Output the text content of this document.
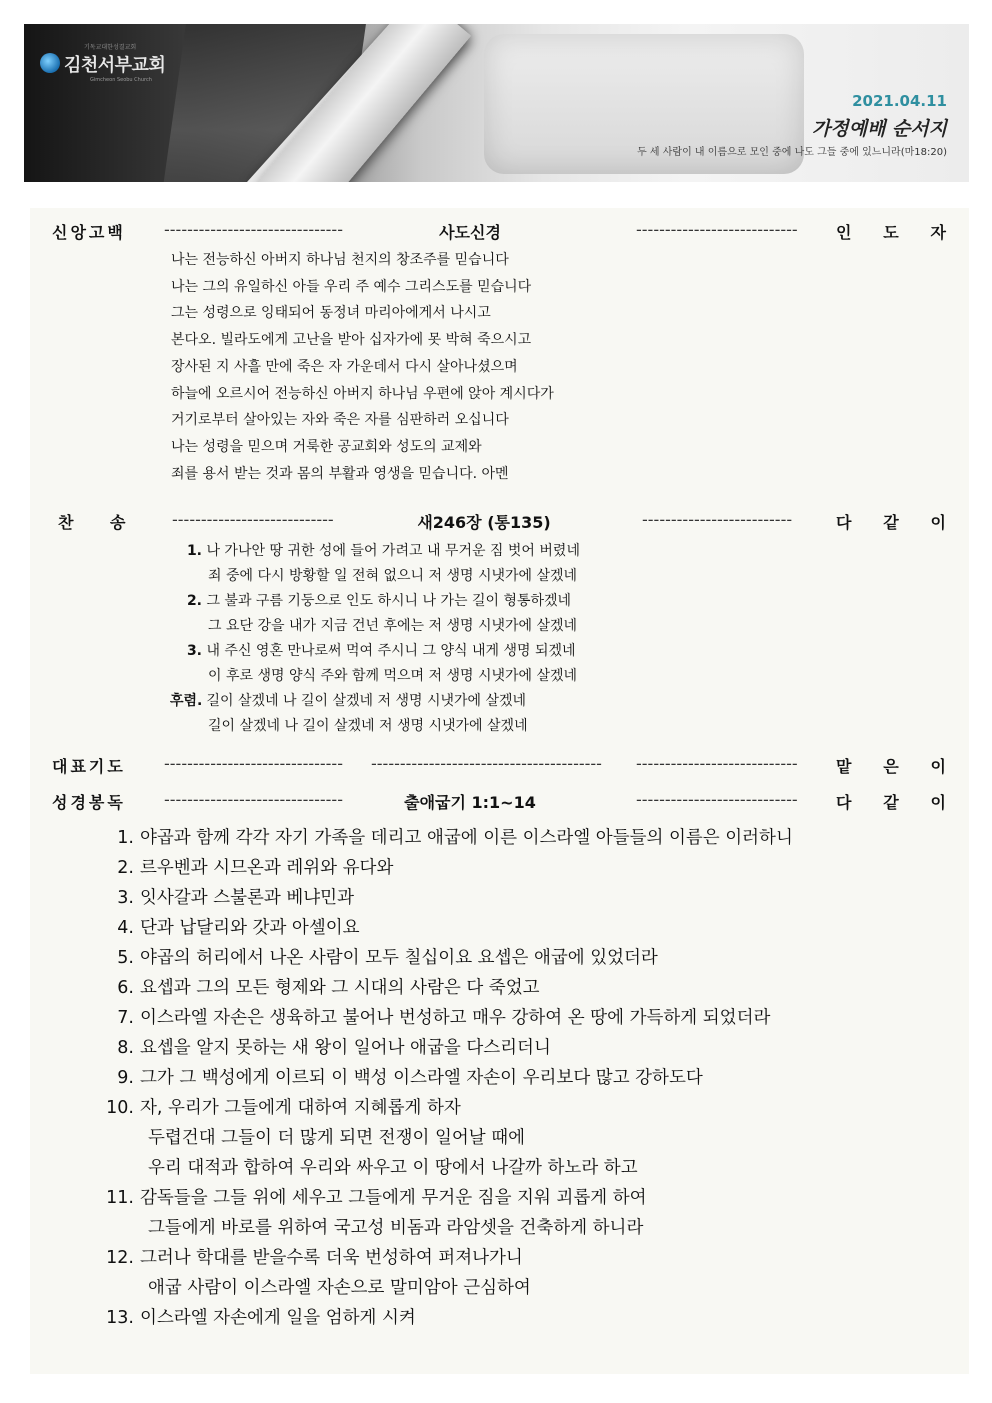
기독교대한성결교회
김천서부교회
Gimcheon Seobu Church
2021.04.11
가정예배 순서지
두 세 사람이 내 이름으로 모인 중에 나도 그들 중에 있느니라(마18:20)
신앙고백 -------------------------------	사도신경	---------------------------- 인 도 자
나는 전능하신 아버지 하나님 천지의 창조주를 믿습니다
나는 그의 유일하신 아들 우리 주 예수 그리스도를 믿습니다
그는 성령으로 잉태되어 동정녀 마리아에게서 나시고
본다오. 빌라도에게 고난을 받아 십자가에 못 박혀 죽으시고
장사된 지 사흘 만에 죽은 자 가운데서 다시 살아나셨으며
하늘에 오르시어 전능하신 아버지 하나님 우편에 앉아 계시다가
거기로부터 살아있는 자와 죽은 자를 심판하러 오십니다
나는 성령을 믿으며 거룩한 공교회와 성도의 교제와
죄를 용서 받는 것과 몸의 부활과 영생을 믿습니다. 아멘
찬 송	----------------------------	새246장 (통135)	--------------------------	다 같 이
1. 나 가나안 땅 귀한 성에 들어 가려고 내 무거운 짐 벗어 버렸네
죄 중에 다시 방황할 일 전혀 없으니 저 생명 시냇가에 살겠네
2. 그 불과 구름 기둥으로 인도 하시니 나 가는 길이 형통하겠네
그 요단 강을 내가 지금 건넌 후에는 저 생명 시냇가에 살겠네
3. 내 주신 영혼 만나로써 먹여 주시니 그 양식 내게 생명 되겠네
이 후로 생명 양식 주와 함께 먹으며 저 생명 시냇가에 살겠네
후렴. 길이 살겠네 나 길이 살겠네 저 생명 시냇가에 살겠네
길이 살겠네 나 길이 살겠네 저 생명 시냇가에 살겠네
대표기도 ------------------------------- ---------------------------------------- ---------------------------- 맡 은 이
성경봉독 -------------------------------	출애굽기 1:1~14	---------------------------- 다 같 이
1. 야곱과 함께 각각 자기 가족을 데리고 애굽에 이른 이스라엘 아들들의 이름은 이러하니
2. 르우벤과 시므온과 레위와 유다와
3. 잇사갈과 스불론과 베냐민과
4. 단과 납달리와 갓과 아셀이요
5. 야곱의 허리에서 나온 사람이 모두 칠십이요 요셉은 애굽에 있었더라
6. 요셉과 그의 모든 형제와 그 시대의 사람은 다 죽었고
7. 이스라엘 자손은 생육하고 불어나 번성하고 매우 강하여 온 땅에 가득하게 되었더라
8. 요셉을 알지 못하는 새 왕이 일어나 애굽을 다스리더니
9. 그가 그 백성에게 이르되 이 백성 이스라엘 자손이 우리보다 많고 강하도다
10. 자, 우리가 그들에게 대하여 지혜롭게 하자
두렵건대 그들이 더 많게 되면 전쟁이 일어날 때에
우리 대적과 합하여 우리와 싸우고 이 땅에서 나갈까 하노라 하고
11. 감독들을 그들 위에 세우고 그들에게 무거운 짐을 지워 괴롭게 하여
그들에게 바로를 위하여 국고성 비돔과 라암셋을 건축하게 하니라
12. 그러나 학대를 받을수록 더욱 번성하여 퍼져나가니
애굽 사람이 이스라엘 자손으로 말미암아 근심하여
13. 이스라엘 자손에게 일을 엄하게 시켜
